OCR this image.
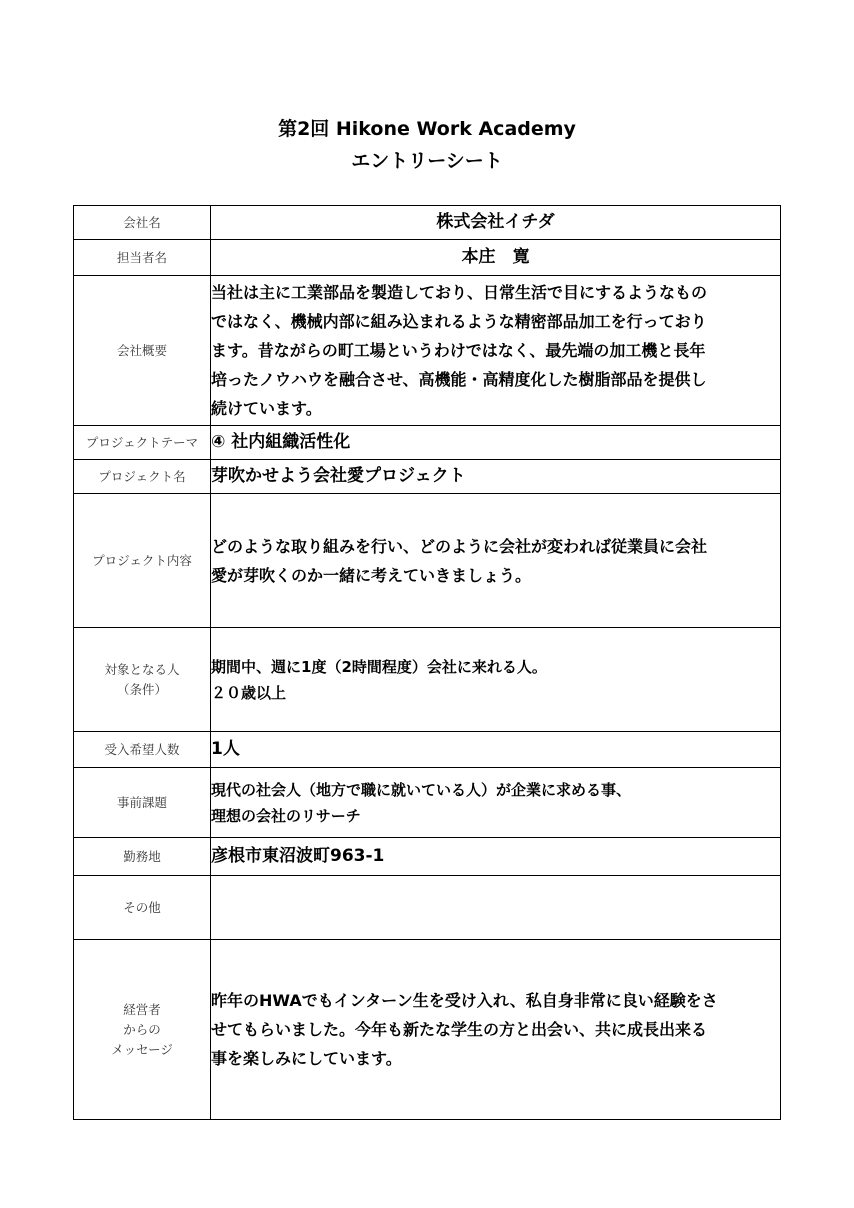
第2回 Hikone Work Academy
エントリーシート
会社名	株式会社イチダ
担当者名	本庄　寛
会社概要	当社は主に工業部品を製造しており、日常生活で目にするようなもの
ではなく、機械内部に組み込まれるような精密部品加工を行っており
ます。昔ながらの町工場というわけではなく、最先端の加工機と長年
培ったノウハウを融合させ、高機能・高精度化した樹脂部品を提供し
続けています。

プロジェクトテーマ	④ 社内組織活性化
プロジェクト名	芽吹かせよう会社愛プロジェクト
プロジェクト内容	どのような取り組みを行い、どのように会社が変われば従業員に会社
愛が芽吹くのか一緒に考えていきましょう。

対象となる人
（条件）	期間中、週に1度（2時間程度）会社に来れる人。
２０歳以上

受入希望人数	1人
事前課題	現代の社会人（地方で職に就いている人）が企業に求める事、
理想の会社のリサーチ

勤務地	彦根市東沼波町963-1
その他	

経営者
からの
メッセージ	昨年のHWAでもインターン生を受け入れ、私自身非常に良い経験をさ
せてもらいました。今年も新たな学生の方と出会い、共に成長出来る
事を楽しみにしています。
